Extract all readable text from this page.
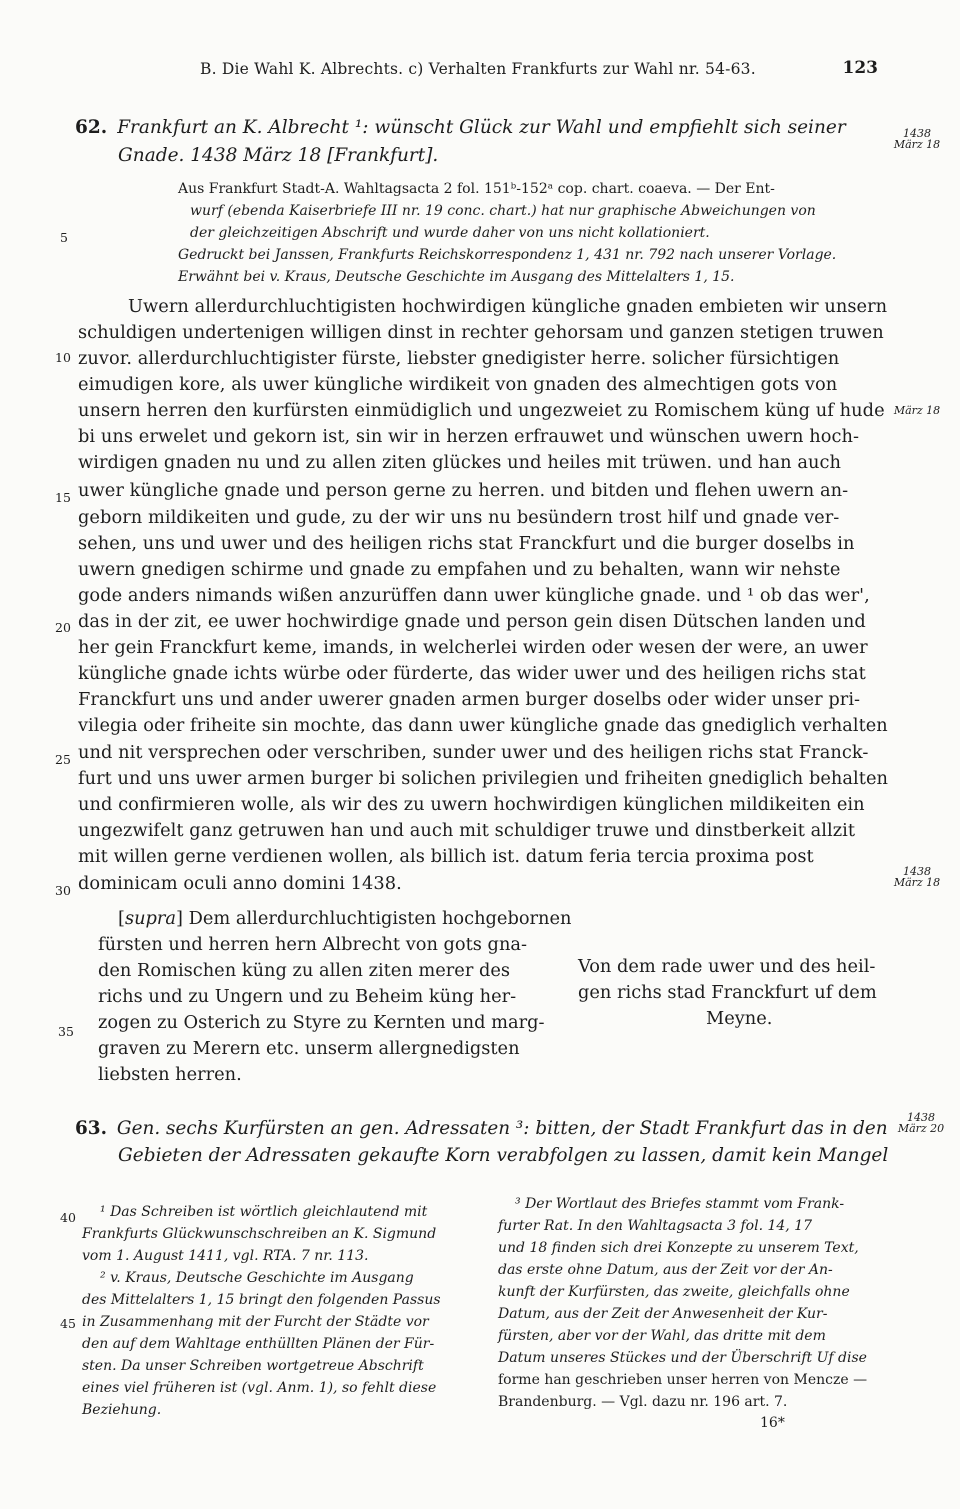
B. Die Wahl K. Albrechts. c) Verhalten Frankfurts zur Wahl nr. 54-63.	123
62. Frankfurt an K. Albrecht ¹: wünscht Glück zur Wahl und empfiehlt sich seiner
Gnade. 1438 März 18 [Frankfurt].
1438
März 18
Aus Frankfurt Stadt-A. Wahltagsacta 2 fol. 151ᵇ-152ᵃ cop. chart. coaeva. — Der Ent-
wurf (ebenda Kaiserbriefe III nr. 19 conc. chart.) hat nur graphische Abweichungen von
der gleichzeitigen Abschrift und wurde daher von uns nicht kollationiert.
Gedruckt bei Janssen, Frankfurts Reichskorrespondenz 1, 431 nr. 792 nach unserer Vorlage.
Erwähnt bei v. Kraus, Deutsche Geschichte im Ausgang des Mittelalters 1, 15.
5
10
15
20
25
30
35
Uwern allerdurchluchtigisten hochwirdigen küngliche gnaden embieten wir unsern
schuldigen undertenigen willigen dinst in rechter gehorsam und ganzen stetigen truwen
zuvor. allerdurchluchtigister fürste, liebster gnedigister herre. solicher fürsichtigen
eimudigen kore, als uwer küngliche wirdikeit von gnaden des almechtigen gots von
unsern herren den kurfürsten einmüdiglich und ungezweiet zu Romischem küng uf hude
bi uns erwelet und gekorn ist, sin wir in herzen erfrauwet und wünschen uwern hoch-
wirdigen gnaden nu und zu allen ziten glückes und heiles mit trüwen. und han auch
uwer küngliche gnade und person gerne zu herren. und bitden und flehen uwern an-
geborn mildikeiten und gude, zu der wir uns nu besündern trost hilf und gnade ver-
sehen, uns und uwer und des heiligen richs stat Franckfurt und die burger doselbs in
uwern gnedigen schirme und gnade zu empfahen und zu behalten, wann wir nehste
gode anders nimands wißen anzurüffen dann uwer küngliche gnade. und ¹ ob das wer',
das in der zit, ee uwer hochwirdige gnade und person gein disen Dütschen landen und
her gein Franckfurt keme, imands, in welcherlei wirden oder wesen der were, an uwer
küngliche gnade ichts würbe oder fürderte, das wider uwer und des heiligen richs stat
Franckfurt uns und ander uwerer gnaden armen burger doselbs oder wider unser pri-
vilegia oder friheite sin mochte, das dann uwer küngliche gnade das gnediglich verhalten
und nit versprechen oder verschriben, sunder uwer und des heiligen richs stat Franck-
furt und uns uwer armen burger bi solichen privilegien und friheiten gnediglich behalten
und confirmieren wolle, als wir des zu uwern hochwirdigen künglichen mildikeiten ein
ungezwifelt ganz getruwen han und auch mit schuldiger truwe und dinstberkeit allzit
mit willen gerne verdienen wollen, als billich ist. datum feria tercia proxima post
dominicam oculi anno domini 1438.
März 18
1438
März 18
[supra] Dem allerdurchluchtigisten hochgebornen
fürsten und herren hern Albrecht von gots gna-
den Romischen küng zu allen ziten merer des
richs und zu Ungern und zu Beheim küng her-
zogen zu Osterich zu Styre zu Kernten und marg-
graven zu Merern etc. unserm allergnedigsten
liebsten herren.
Von dem rade uwer und des heil-
gen richs stad Franckfurt uf dem
Meyne.
63. Gen. sechs Kurfürsten an gen. Adressaten ³: bitten, der Stadt Frankfurt das in den
Gebieten der Adressaten gekaufte Korn verabfolgen zu lassen, damit kein Mangel
1438
März 20
40
45
¹ Das Schreiben ist wörtlich gleichlautend mit
Frankfurts Glückwunschschreiben an K. Sigmund
vom 1. August 1411, vgl. RTA. 7 nr. 113.
² v. Kraus, Deutsche Geschichte im Ausgang
des Mittelalters 1, 15 bringt den folgenden Passus
in Zusammenhang mit der Furcht der Städte vor
den auf dem Wahltage enthüllten Plänen der Für-
sten. Da unser Schreiben wortgetreue Abschrift
eines viel früheren ist (vgl. Anm. 1), so fehlt diese
Beziehung.
³ Der Wortlaut des Briefes stammt vom Frank-
furter Rat. In den Wahltagsacta 3 fol. 14, 17
und 18 finden sich drei Konzepte zu unserem Text,
das erste ohne Datum, aus der Zeit vor der An-
kunft der Kurfürsten, das zweite, gleichfalls ohne
Datum, aus der Zeit der Anwesenheit der Kur-
fürsten, aber vor der Wahl, das dritte mit dem
Datum unseres Stückes und der Überschrift Uf dise
forme han geschrieben unser herren von Mencze —
Brandenburg. — Vgl. dazu nr. 196 art. 7.
16*
